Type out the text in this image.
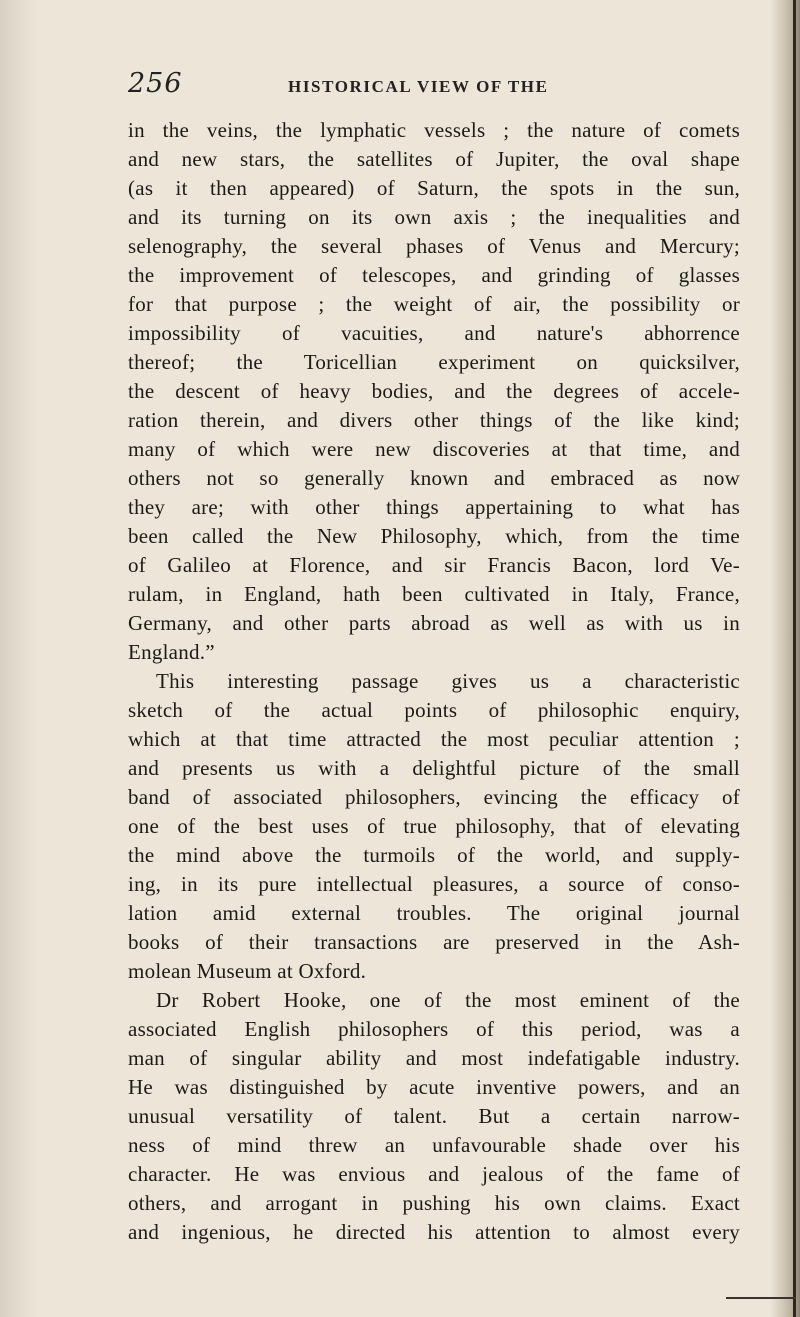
256	HISTORICAL VIEW OF THE
in the veins, the lymphatic vessels ; the nature of comets
and new stars, the satellites of Jupiter, the oval shape
(as it then appeared) of Saturn, the spots in the sun,
and its turning on its own axis ; the inequalities and
selenography, the several phases of Venus and Mercury;
the improvement of telescopes, and grinding of glasses
for that purpose ; the weight of air, the possibility or
impossibility of vacuities, and nature's abhorrence
thereof; the Toricellian experiment on quicksilver,
the descent of heavy bodies, and the degrees of accele-
ration therein, and divers other things of the like kind;
many of which were new discoveries at that time, and
others not so generally known and embraced as now
they are; with other things appertaining to what has
been called the New Philosophy, which, from the time
of Galileo at Florence, and sir Francis Bacon, lord Ve-
rulam, in England, hath been cultivated in Italy, France,
Germany, and other parts abroad as well as with us in
England.”
This interesting passage gives us a characteristic
sketch of the actual points of philosophic enquiry,
which at that time attracted the most peculiar attention ;
and presents us with a delightful picture of the small
band of associated philosophers, evincing the efficacy of
one of the best uses of true philosophy, that of elevating
the mind above the turmoils of the world, and supply-
ing, in its pure intellectual pleasures, a source of conso-
lation amid external troubles. The original journal
books of their transactions are preserved in the Ash-
molean Museum at Oxford.
Dr Robert Hooke, one of the most eminent of the
associated English philosophers of this period, was a
man of singular ability and most indefatigable industry.
He was distinguished by acute inventive powers, and an
unusual versatility of talent. But a certain narrow-
ness of mind threw an unfavourable shade over his
character. He was envious and jealous of the fame of
others, and arrogant in pushing his own claims. Exact
and ingenious, he directed his attention to almost every
